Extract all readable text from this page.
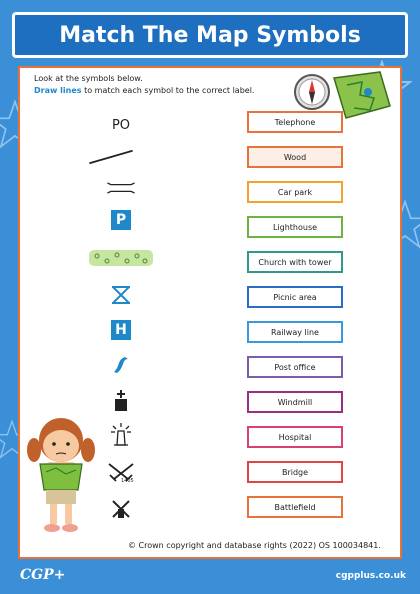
Match The Map Symbols
Look at the symbols below.
Draw lines to match each symbol to the correct label.
PO
P
H
1405
Telephone
Wood
Car park
Lighthouse
Church with tower
Picnic area
Railway line
Post office
Windmill
Hospital
Bridge
Battlefield
© Crown copyright and database rights (2022) OS 100034841.
CGP+	cgpplus.co.uk
